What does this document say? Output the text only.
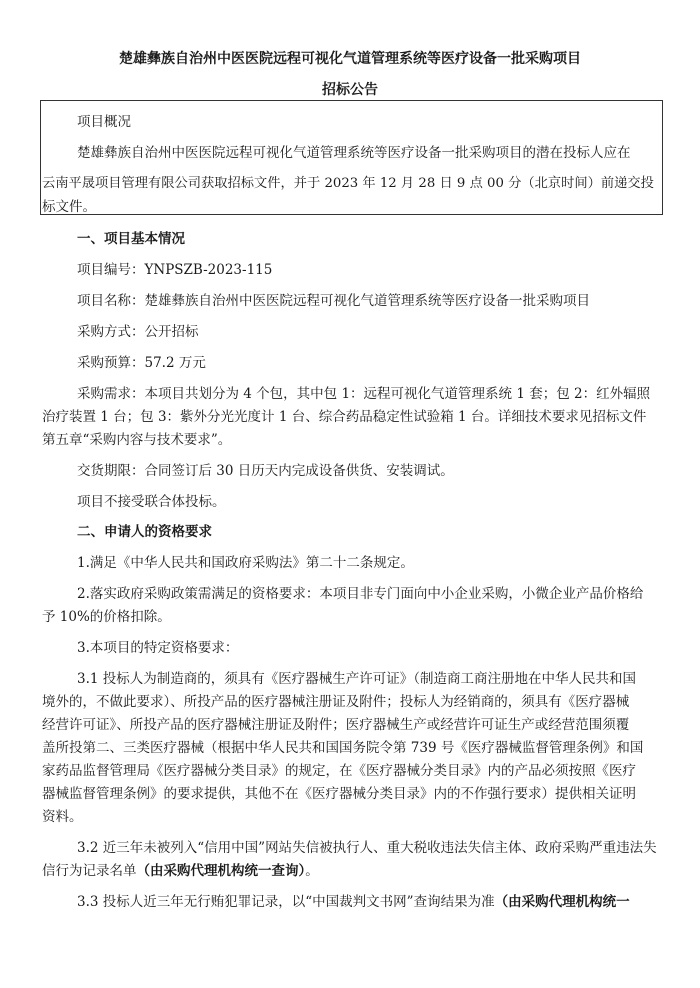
楚雄彝族自治州中医医院远程可视化气道管理系统等医疗设备一批采购项目
招标公告
项目概况
楚雄彝族自治州中医医院远程可视化气道管理系统等医疗设备一批采购项目的潜在投标人应在
云南平晟项目管理有限公司获取招标文件，并于 2023 年 12 月 28 日 9 点 00 分（北京时间）前递交投
标文件。
一、项目基本情况
项目编号：YNPSZB-2023-115
项目名称：楚雄彝族自治州中医医院远程可视化气道管理系统等医疗设备一批采购项目
采购方式：公开招标
采购预算：57.2 万元
采购需求：本项目共划分为 4 个包，其中包 1：远程可视化气道管理系统 1 套；包 2：红外辐照
治疗装置 1 台；包 3：紫外分光光度计 1 台、综合药品稳定性试验箱 1 台。详细技术要求见招标文件
第五章“采购内容与技术要求”。
交货期限：合同签订后 30 日历天内完成设备供货、安装调试。
项目不接受联合体投标。
二、申请人的资格要求
1.满足《中华人民共和国政府采购法》第二十二条规定。
2.落实政府采购政策需满足的资格要求：本项目非专门面向中小企业采购，小微企业产品价格给
予 10%的价格扣除。
3.本项目的特定资格要求：
3.1 投标人为制造商的，须具有《医疗器械生产许可证》（制造商工商注册地在中华人民共和国
境外的，不做此要求）、所投产品的医疗器械注册证及附件；投标人为经销商的，须具有《医疗器械
经营许可证》、所投产品的医疗器械注册证及附件；医疗器械生产或经营许可证生产或经营范围须覆
盖所投第二、三类医疗器械（根据中华人民共和国国务院令第 739 号《医疗器械监督管理条例》和国
家药品监督管理局《医疗器械分类目录》的规定，在《医疗器械分类目录》内的产品必须按照《医疗
器械监督管理条例》的要求提供，其他不在《医疗器械分类目录》内的不作强行要求）提供相关证明
资料。
3.2 近三年未被列入“信用中国”网站失信被执行人、重大税收违法失信主体、政府采购严重违法失
信行为记录名单（由采购代理机构统一查询）。
3.3 投标人近三年无行贿犯罪记录，以“中国裁判文书网”查询结果为准（由采购代理机构统一
